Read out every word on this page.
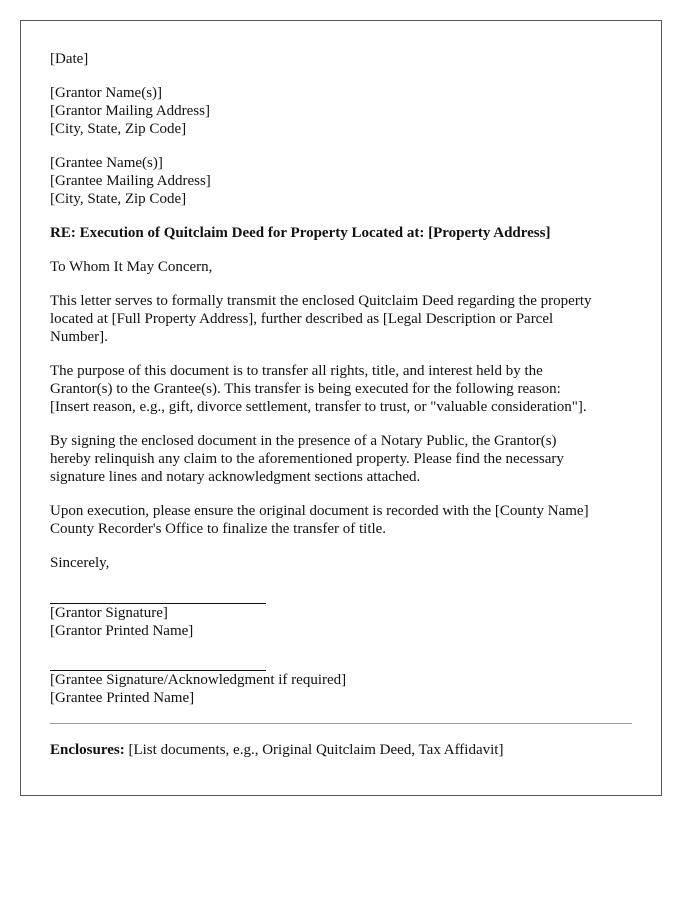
[Date]

[Grantor Name(s)]
[Grantor Mailing Address]
[City, State, Zip Code]

[Grantee Name(s)]
[Grantee Mailing Address]
[City, State, Zip Code]

RE: Execution of Quitclaim Deed for Property Located at: [Property Address]

To Whom It May Concern,

This letter serves to formally transmit the enclosed Quitclaim Deed regarding the property
located at [Full Property Address], further described as [Legal Description or Parcel
Number].

The purpose of this document is to transfer all rights, title, and interest held by the
Grantor(s) to the Grantee(s). This transfer is being executed for the following reason:
[Insert reason, e.g., gift, divorce settlement, transfer to trust, or "valuable consideration"].

By signing the enclosed document in the presence of a Notary Public, the Grantor(s)
hereby relinquish any claim to the aforementioned property. Please find the necessary
signature lines and notary acknowledgment sections attached.

Upon execution, please ensure the original document is recorded with the [County Name]
County Recorder's Office to finalize the transfer of title.

Sincerely,

[Grantor Signature]
[Grantor Printed Name]
[Grantee Signature/Acknowledgment if required]
[Grantee Printed Name]

Enclosures: [List documents, e.g., Original Quitclaim Deed, Tax Affidavit]
